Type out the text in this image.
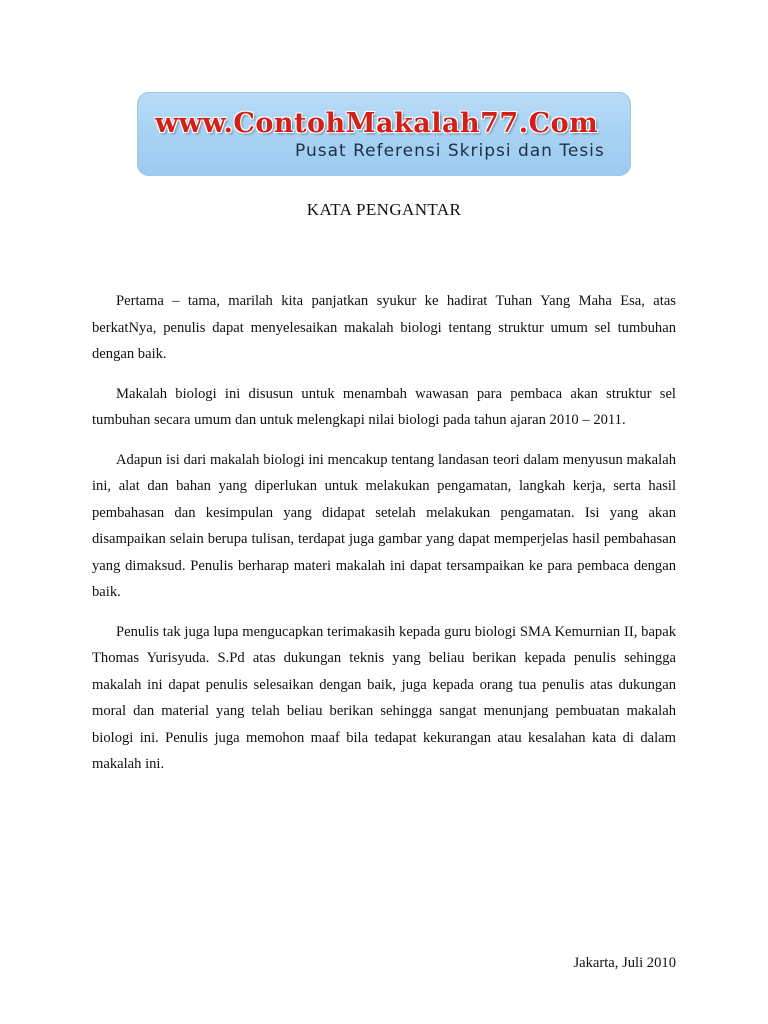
www.ContohMakalah77.Com
Pusat Referensi Skripsi dan Tesis
KATA PENGANTAR

Pertama – tama, marilah kita panjatkan syukur ke hadirat Tuhan Yang Maha Esa, atas berkatNya, penulis dapat menyelesaikan makalah biologi tentang struktur umum sel tumbuhan dengan baik.

Makalah biologi ini disusun untuk menambah wawasan para pembaca akan struktur sel tumbuhan secara umum dan untuk melengkapi nilai biologi pada tahun ajaran 2010 – 2011.

Adapun isi dari makalah biologi ini mencakup tentang landasan teori dalam menyusun makalah ini, alat dan bahan yang diperlukan untuk melakukan pengamatan, langkah kerja, serta hasil pembahasan dan kesimpulan yang didapat setelah melakukan pengamatan. Isi yang akan disampaikan selain berupa tulisan, terdapat juga gambar yang dapat memperjelas hasil pembahasan yang dimaksud. Penulis berharap materi makalah ini dapat tersampaikan ke para pembaca dengan baik.

Penulis tak juga lupa mengucapkan terimakasih kepada guru biologi SMA Kemurnian II, bapak Thomas Yurisyuda. S.Pd atas dukungan teknis yang beliau berikan kepada penulis sehingga makalah ini dapat penulis selesaikan dengan baik, juga kepada orang tua penulis atas dukungan moral dan material yang telah beliau berikan sehingga sangat menunjang pembuatan makalah biologi ini. Penulis juga memohon maaf bila tedapat kekurangan atau kesalahan kata di dalam makalah ini.

Jakarta, Juli 2010
